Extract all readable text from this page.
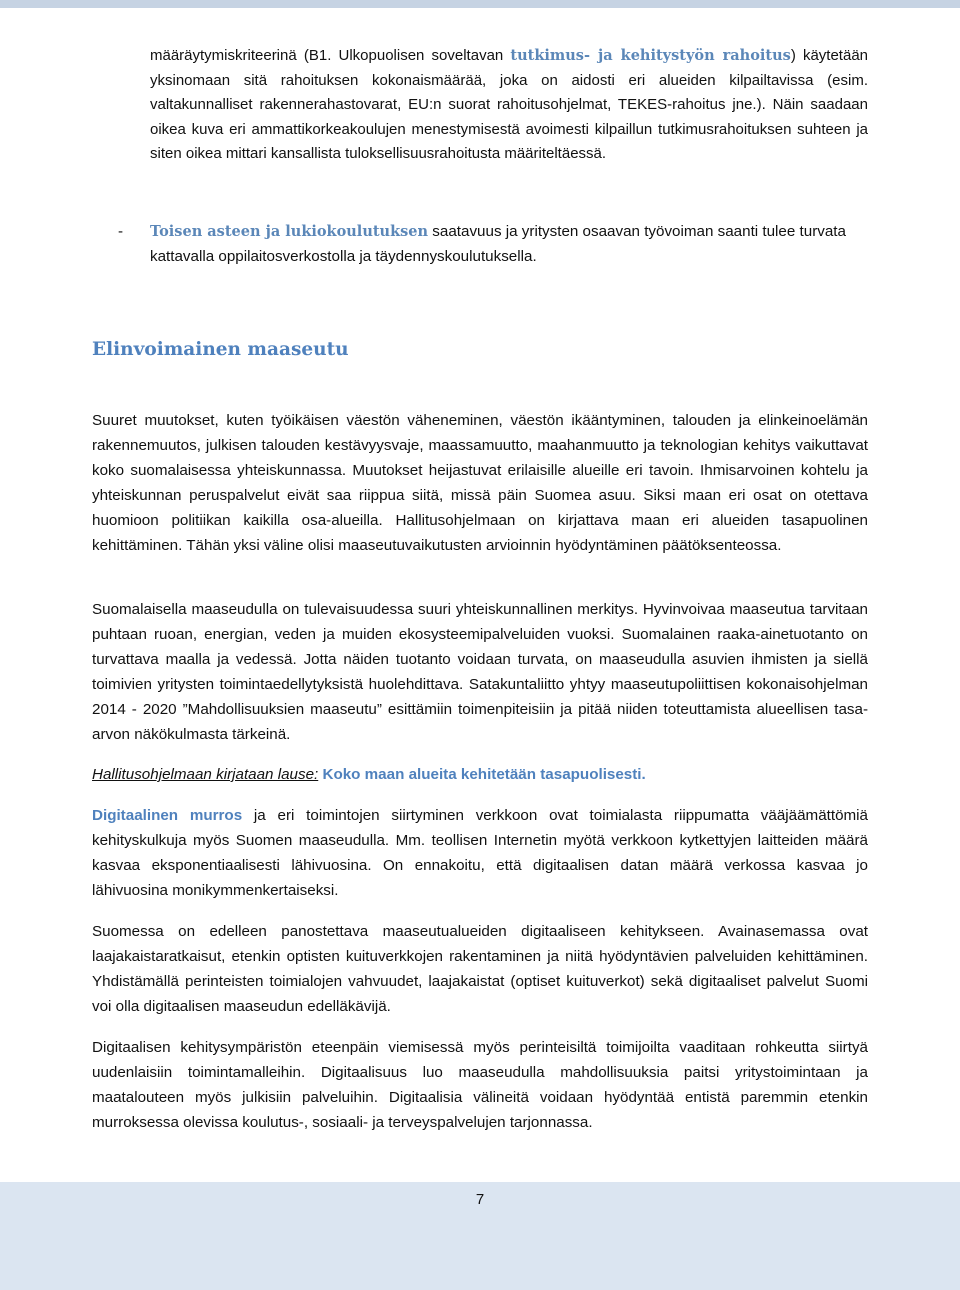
määräytymiskriteerinä (B1. Ulkopuolisen soveltavan tutkimus- ja kehitystyön rahoitus) käytetään yksinomaan sitä rahoituksen kokonaismäärää, joka on aidosti eri alueiden kilpailtavissa (esim. valtakunnalliset rakennerahastovarat, EU:n suorat rahoitusohjelmat, TEKES-rahoitus jne.). Näin saadaan oikea kuva eri ammattikorkeakoulujen menestymisestä avoimesti kilpaillun tutkimusrahoituksen suhteen ja siten oikea mittari kansallista tuloksellisuusrahoitusta määriteltäessä.

- Toisen asteen ja lukiokoulutuksen saatavuus ja yritysten osaavan työvoiman saanti tulee turvata kattavalla oppilaitosverkostolla ja täydennyskoulutuksella.
Elinvoimainen maaseutu

Suuret muutokset, kuten työikäisen väestön väheneminen, väestön ikääntyminen, talouden ja elinkeinoelämän rakennemuutos, julkisen talouden kestävyysvaje, maassamuutto, maahanmuutto ja teknologian kehitys vaikuttavat koko suomalaisessa yhteiskunnassa. Muutokset heijastuvat erilaisille alueille eri tavoin. Ihmisarvoinen kohtelu ja yhteiskunnan peruspalvelut eivät saa riippua siitä, missä päin Suomea asuu. Siksi maan eri osat on otettava huomioon politiikan kaikilla osa-alueilla. Hallitusohjelmaan on kirjattava maan eri alueiden tasapuolinen kehittäminen. Tähän yksi väline olisi maaseutuvaikutusten arvioinnin hyödyntäminen päätöksenteossa.

Suomalaisella maaseudulla on tulevaisuudessa suuri yhteiskunnallinen merkitys. Hyvinvoivaa maaseutua tarvitaan puhtaan ruoan, energian, veden ja muiden ekosysteemipalveluiden vuoksi. Suomalainen raaka-ainetuotanto on turvattava maalla ja vedessä. Jotta näiden tuotanto voidaan turvata, on maaseudulla asuvien ihmisten ja siellä toimivien yritysten toimintaedellytyksistä huolehdittava. Satakuntaliitto yhtyy maaseutupoliittisen kokonaisohjelman 2014 - 2020 ”Mahdollisuuksien maaseutu” esittämiin toimenpiteisiin ja pitää niiden toteuttamista alueellisen tasa-arvon näkökulmasta tärkeinä.

Hallitusohjelmaan kirjataan lause: Koko maan alueita kehitetään tasapuolisesti.

Digitaalinen murros ja eri toimintojen siirtyminen verkkoon ovat toimialasta riippumatta vääjäämättömiä kehityskulkuja myös Suomen maaseudulla. Mm. teollisen Internetin myötä verkkoon kytkettyjen laitteiden määrä kasvaa eksponentiaalisesti lähivuosina. On ennakoitu, että digitaalisen datan määrä verkossa kasvaa jo lähivuosina monikymmenkertaiseksi.

Suomessa on edelleen panostettava maaseutualueiden digitaaliseen kehitykseen. Avainasemassa ovat laajakaistaratkaisut, etenkin optisten kuituverkkojen rakentaminen ja niitä hyödyntävien palveluiden kehittäminen. Yhdistämällä perinteisten toimialojen vahvuudet, laajakaistat (optiset kuituverkot) sekä digitaaliset palvelut Suomi voi olla digitaalisen maaseudun edelläkävijä.

Digitaalisen kehitysympäristön eteenpäin viemisessä myös perinteisiltä toimijoilta vaaditaan rohkeutta siirtyä uudenlaisiin toimintamalleihin. Digitaalisuus luo maaseudulla mahdollisuuksia paitsi yritystoimintaan ja maatalouteen myös julkisiin palveluihin. Digitaalisia välineitä voidaan hyödyntää entistä paremmin etenkin murroksessa olevissa koulutus-, sosiaali- ja terveyspalvelujen tarjonnassa.

7
